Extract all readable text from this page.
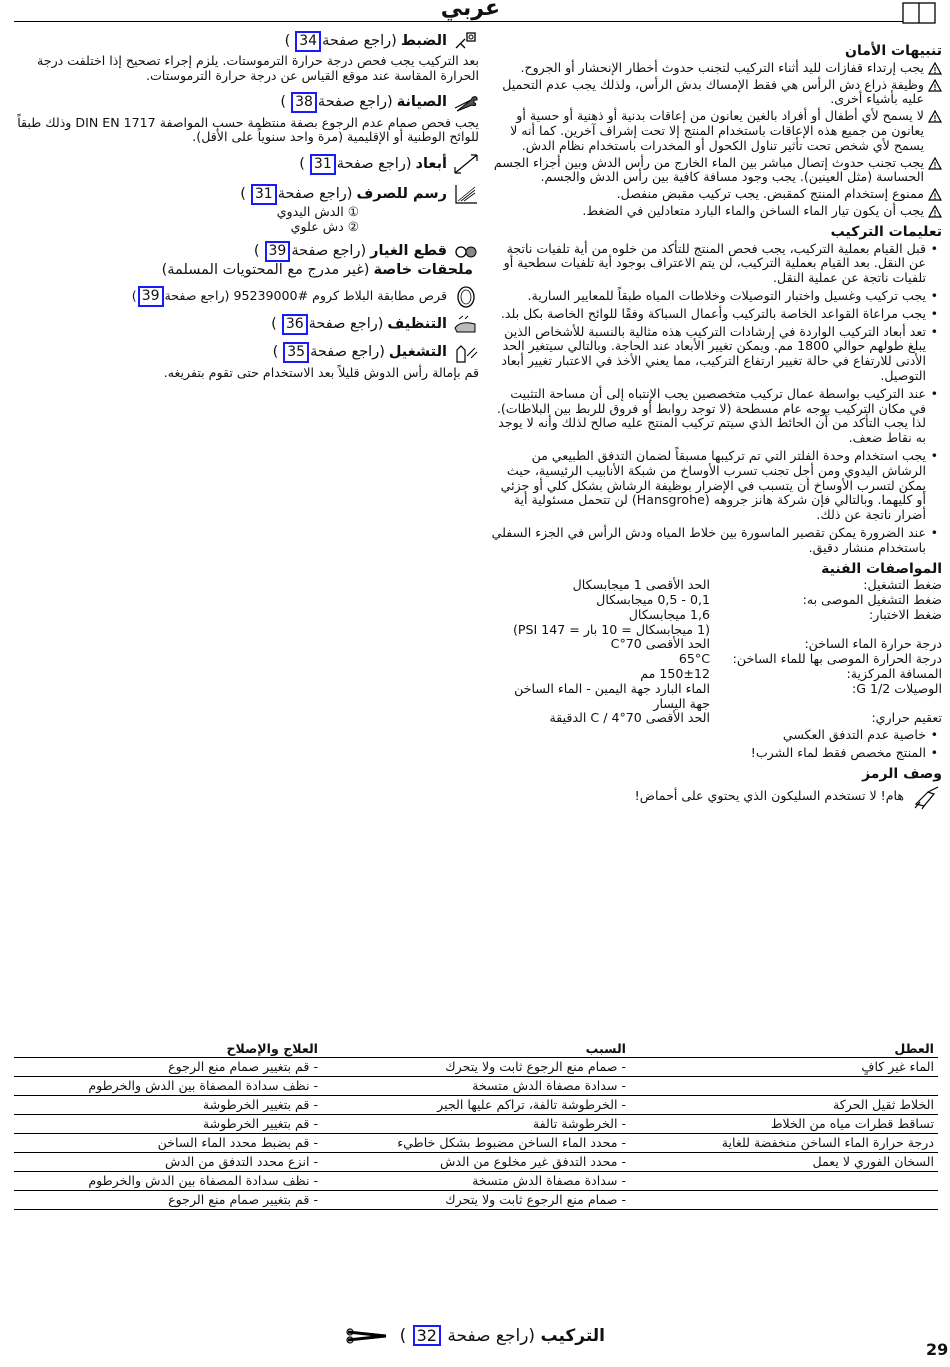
عربي
تنبيهات الأمان
يجب إرتداء قفازات لليد أثناء التركيب لتجنب حدوث أخطار الإنحشار أو الجروح.
وظيفة ذراع دش الرأس هي فقط الإمساك بدش الرأس، ولذلك يجب عدم التحميل عليه بأشياء أخرى.
لا يسمح لأي أطفال أو أفراد بالغين يعانون من إعاقات بدنية أو ذهنية أو حسية أو يعانون من جميع هذه الإعاقات باستخدام المنتج إلا تحت إشراف آخرين. كما أنه لا يسمح لأي شخص تحت تأثير تناول الكحول أو المخدرات باستخدام نظام الدش.
يجب تجنب حدوث إتصال مباشر بين الماء الخارج من رأس الدش وبين أجزاء الجسم الحساسة (مثل العينين). يجب وجود مسافة كافية بين رأس الدش والجسم.
ممنوع إستخدام المنتج كمقبض. يجب تركيب مقبض منفصل.
يجب أن يكون تيار الماء الساخن والماء البارد متعادلين في الضغط.
تعليمات التركيب
• قبل القيام بعملية التركيب، يجب فحص المنتج للتأكد من خلوه من أية تلفيات ناتجة عن النقل. بعد القيام بعملية التركيب، لن يتم الاعتراف بوجود أية تلفيات سطحية أو تلفيات ناتجة عن عملية النقل.
• يجب تركيب وغسيل واختبار التوصيلات وخلاطات المياه طبقاً للمعايير السارية.
• يجب مراعاة القواعد الخاصة بالتركيب وأعمال السباكة وفقًا للوائح الخاصة بكل بلد.
• تعد أبعاد التركيب الواردة في إرشادات التركيب هذه مثالية بالنسبة للأشخاص الذين يبلغ طولهم حوالي 1800 مم. ويمكن تغيير الأبعاد عند الحاجة. وبالتالي سيتغير الحد الأدنى للارتفاع في حالة تغيير ارتفاع التركيب، مما يعني الأخذ في الاعتبار تغيير أبعاد التوصيل.
• عند التركيب بواسطة عمال تركيب متخصصين يجب الإنتباه إلى أن مساحة التثبيت في مكان التركيب بوجه عام مسطحة (لا توجد روابط أو فروق للربط بين البلاطات). لذا يجب التأكد من أن الحائط الذي سيتم تركيب المنتج عليه صالح لذلك وأنه لا يوجد به نقاط ضعف.
• يجب استخدام وحدة الفلتر التي تم تركيبها مسبقاً لضمان التدفق الطبيعي من الرشاش اليدوي ومن أجل تجنب تسرب الأوساخ من شبكة الأنابيب الرئيسية، حيث يمكن لتسرب الأوساخ أن يتسبب في الإضرار بوظيفة الرشاش بشكل كلي أو جزئي أو كليهما. وبالتالي فإن شركة هانز جروهه (Hansgrohe) لن تتحمل مسئولية أية أضرار ناتجة عن ذلك.
• عند الضرورة يمكن تقصير الماسورة بين خلاط المياه ودش الرأس في الجزء السفلي باستخدام منشار دقيق.
المواصفات الفنية
ضغط التشغيل:
الحد الأقصى 1 ميجابسكال
ضغط التشغيل الموصى به:
0,1 - 0,5 ميجابسكال
ضغط الاختبار:
1,6 ميجابسكال
(1 ميجابسكال = 10 بار = 147 PSI)
درجة حرارة الماء الساخن:
الحد الأقصى 70°C
درجة الحرارة الموصى بها للماء الساخن:
65°C
المسافة المركزية:
150±12 مم
الوصيلات G 1/2:
الماء البارد جهة اليمين - الماء الساخن جهة اليسار
تعقيم حراري:
الحد الأقصى 70°C / 4 الدقيقة
• خاصية عدم التدفق العكسي
• المنتج مخصص فقط لماء الشرب!
وصف الرمز
هام! لا تستخدم السليكون الذي يحتوي على أحماض!
الضبط
(راجع صفحة
34
)
بعد التركيب يجب فحص درجة حرارة الترموستات. يلزم إجراء تصحيح إذا اختلفت درجة الحرارة المقاسة عند موقع القياس عن درجة حرارة الترموستات.
الصيانة
(راجع صفحة
38
)
يجب فحص صمام عدم الرجوع بصفة منتظمة حسب المواصفة DIN EN 1717 وذلك طبقاً للوائح الوطنية أو الإقليمية (مرة واحد سنوياً على الأقل).
أبعاد
(راجع صفحة
31
)
رسم للصرف
(راجع صفحة
31
)
① الدش اليدوي
② دش علوي
قطع الغيار
(راجع صفحة
39
)
ملحقات خاصة
(غير مدرج مع المحتويات المسلمة)
قرص مطابقة البلاط كروم #95239000 (راجع صفحة
39
)
التنظيف
(راجع صفحة
36
)
التشغيل
(راجع صفحة
35
)
قم بإمالة رأس الدوش قليلاً بعد الاستخدام حتى تقوم بتفريغه.
العطل	السبب	العلاج والإصلاح
الماء غير كافٍ	- صمام منع الرجوع ثابت ولا يتحرك	- قم بتغيير صمام منع الرجوع
	- سدادة مصفاة الدش متسخة	- نظف سدادة المصفاة بين الدش والخرطوم
الخلاط ثقيل الحركة	- الخرطوشة تالفة، تراكم عليها الجير	- قم بتغيير الخرطوشة
تساقط قطرات مياه من الخلاط	- الخرطوشة تالفة	- قم بتغيير الخرطوشة
درجة حرارة الماء الساخن منخفضة للغاية	- محدد الماء الساخن مضبوط بشكل خاطيء	- قم بضبط محدد الماء الساخن
السخان الفوري لا يعمل	- محدد التدفق غير مخلوع من الدش	- انزع محدد التدفق من الدش
	- سدادة مصفاة الدش متسخة	- نظف سدادة المصفاة بين الدش والخرطوم
	- صمام منع الرجوع ثابت ولا يتحرك	- قم بتغيير صمام منع الرجوع
التركيب (راجع صفحة 32 )
29
